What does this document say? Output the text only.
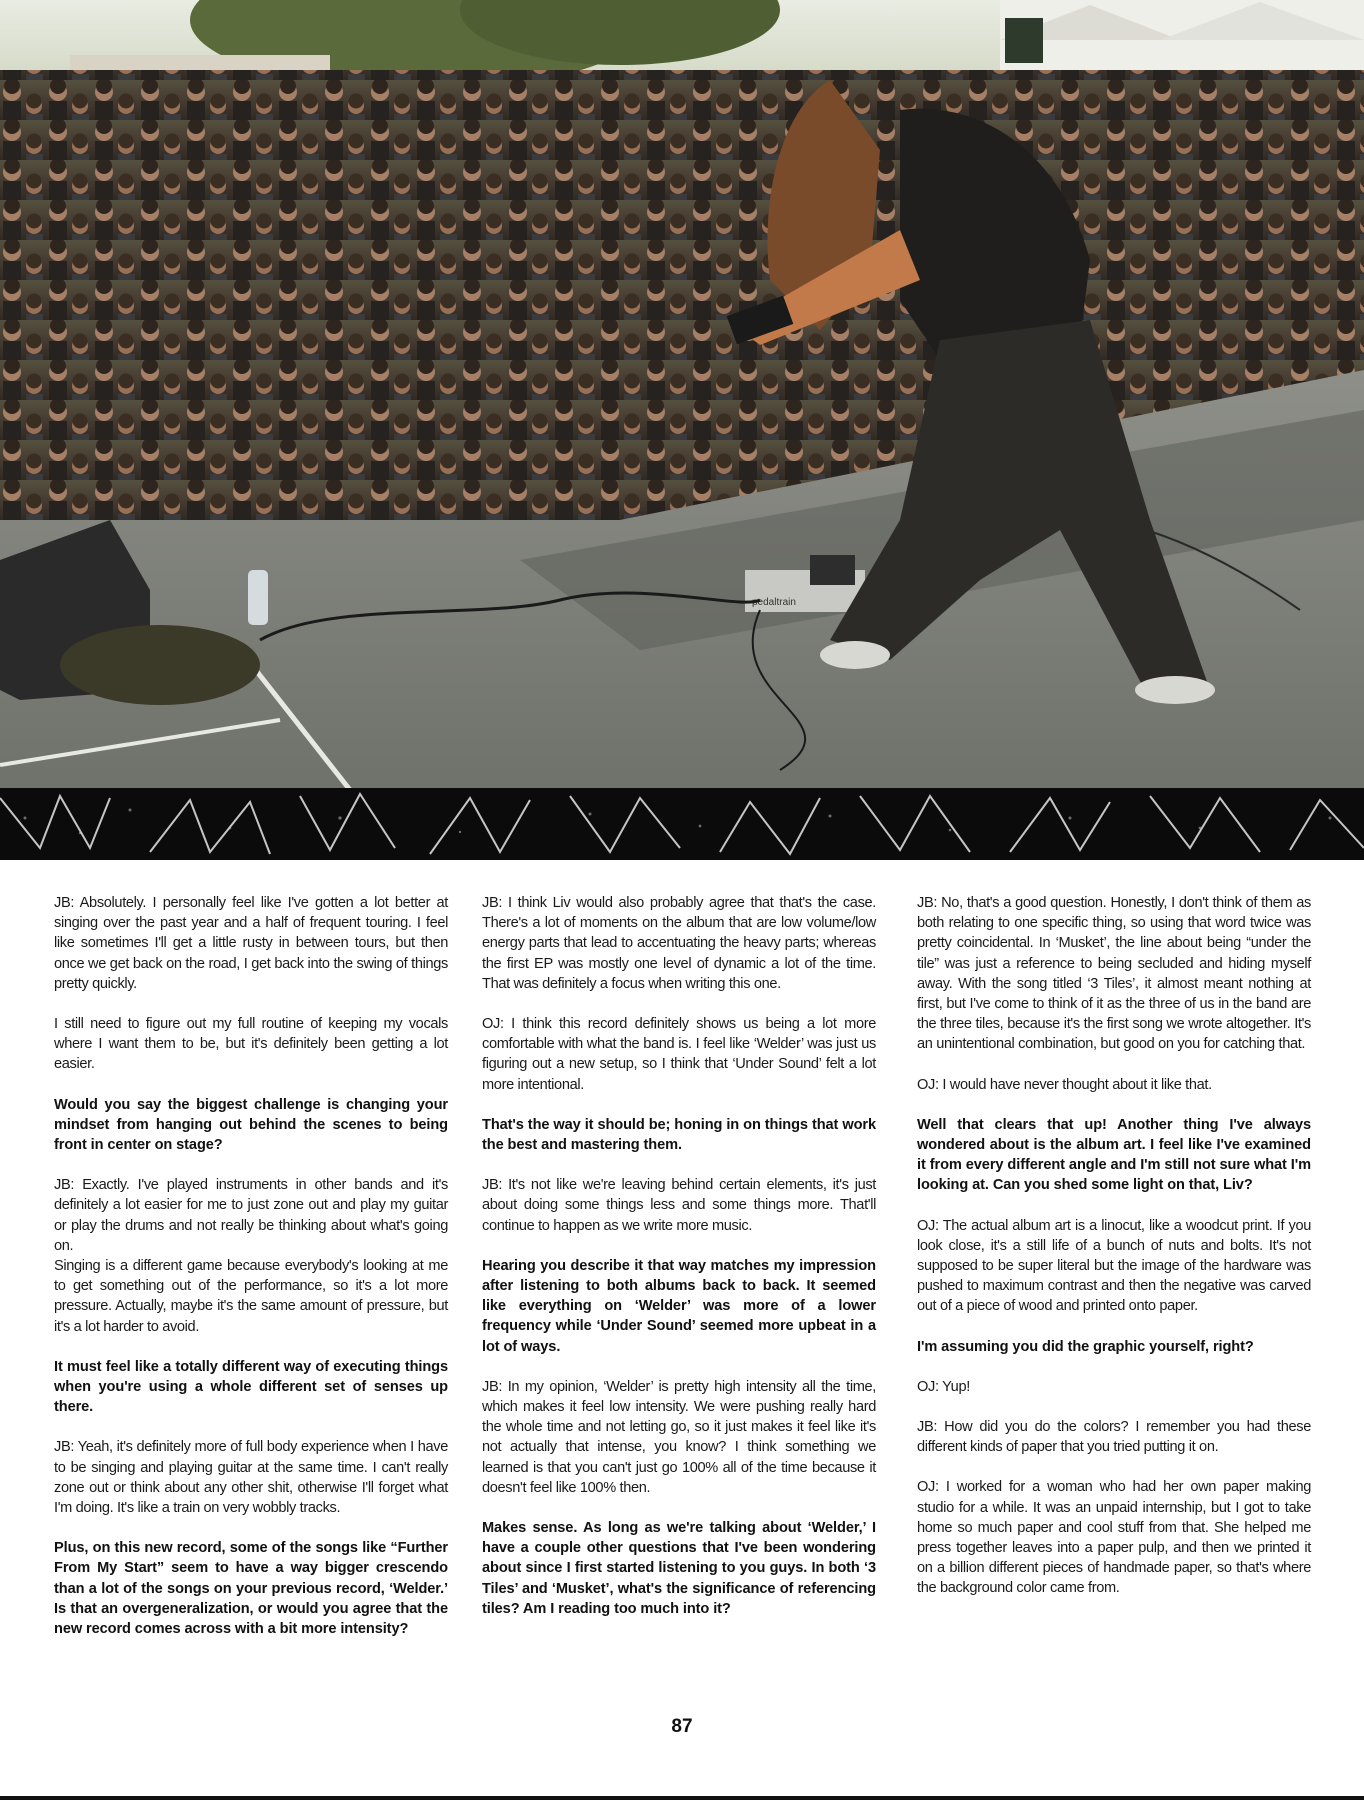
pedaltrain

JB: Absolutely. I personally feel like I've gotten a lot better at singing over the past year and a half of frequent touring. I feel like sometimes I'll get a little rusty in between tours, but then once we get back on the road, I get back into the swing of things pretty quickly.

I still need to figure out my full routine of keeping my vocals where I want them to be, but it's definitely been getting a lot easier.

Would you say the biggest challenge is changing your mindset from hanging out behind the scenes to being front in center on stage?

JB: Exactly. I've played instruments in other bands and it's definitely a lot easier for me to just zone out and play my guitar or play the drums and not really be thinking about what's going on.

Singing is a different game because everybody's looking at me to get something out of the performance, so it's a lot more pressure. Actually, maybe it's the same amount of pressure, but it's a lot harder to avoid.

It must feel like a totally different way of executing things when you're using a whole different set of senses up there.

JB: Yeah, it's definitely more of full body experience when I have to be singing and playing guitar at the same time. I can't really zone out or think about any other shit, otherwise I'll forget what I'm doing. It's like a train on very wobbly tracks.

Plus, on this new record, some of the songs like “Further From My Start” seem to have a way bigger crescendo than a lot of the songs on your previous record, ‘Welder.’ Is that an overgeneralization, or would you agree that the new record comes across with a bit more intensity?

JB: I think Liv would also probably agree that that's the case. There's a lot of moments on the album that are low volume/low energy parts that lead to accentuating the heavy parts; whereas the first EP was mostly one level of dynamic a lot of the time. That was definitely a focus when writing this one.

OJ: I think this record definitely shows us being a lot more comfortable with what the band is. I feel like ‘Welder’ was just us figuring out a new setup, so I think that ‘Under Sound’ felt a lot more intentional.

That's the way it should be; honing in on things that work the best and mastering them.

JB: It's not like we're leaving behind certain elements, it's just about doing some things less and some things more. That'll continue to happen as we write more music.

Hearing you describe it that way matches my impression after listening to both albums back to back. It seemed like everything on ‘Welder’ was more of a lower frequency while ‘Under Sound’ seemed more upbeat in a lot of ways.

JB: In my opinion, ‘Welder’ is pretty high intensity all the time, which makes it feel low intensity. We were pushing really hard the whole time and not letting go, so it just makes it feel like it's not actually that intense, you know? I think something we learned is that you can't just go 100% all of the time because it doesn't feel like 100% then.

Makes sense. As long as we're talking about ‘Welder,’ I have a couple other questions that I've been wondering about since I first started listening to you guys. In both ‘3 Tiles’ and ‘Musket’, what's the significance of referencing tiles? Am I reading too much into it?

JB: No, that's a good question. Honestly, I don't think of them as both relating to one specific thing, so using that word twice was pretty coincidental. In ‘Musket’, the line about being “under the tile” was just a reference to being secluded and hiding myself away. With the song titled ‘3 Tiles’, it almost meant nothing at first, but I've come to think of it as the three of us in the band are the three tiles, because it's the first song we wrote altogether. It's an unintentional combination, but good on you for catching that.

OJ: I would have never thought about it like that.

Well that clears that up! Another thing I've always wondered about is the album art. I feel like I've examined it from every different angle and I'm still not sure what I'm looking at. Can you shed some light on that, Liv?

OJ: The actual album art is a linocut, like a woodcut print. If you look close, it's a still life of a bunch of nuts and bolts. It's not supposed to be super literal but the image of the hardware was pushed to maximum contrast and then the negative was carved out of a piece of wood and printed onto paper.

I'm assuming you did the graphic yourself, right?

OJ: Yup!

JB: How did you do the colors? I remember you had these different kinds of paper that you tried putting it on.

OJ: I worked for a woman who had her own paper making studio for a while. It was an unpaid internship, but I got to take home so much paper and cool stuff from that. She helped me press together leaves into a paper pulp, and then we printed it on a billion different pieces of handmade paper, so that's where the background color came from.

87
